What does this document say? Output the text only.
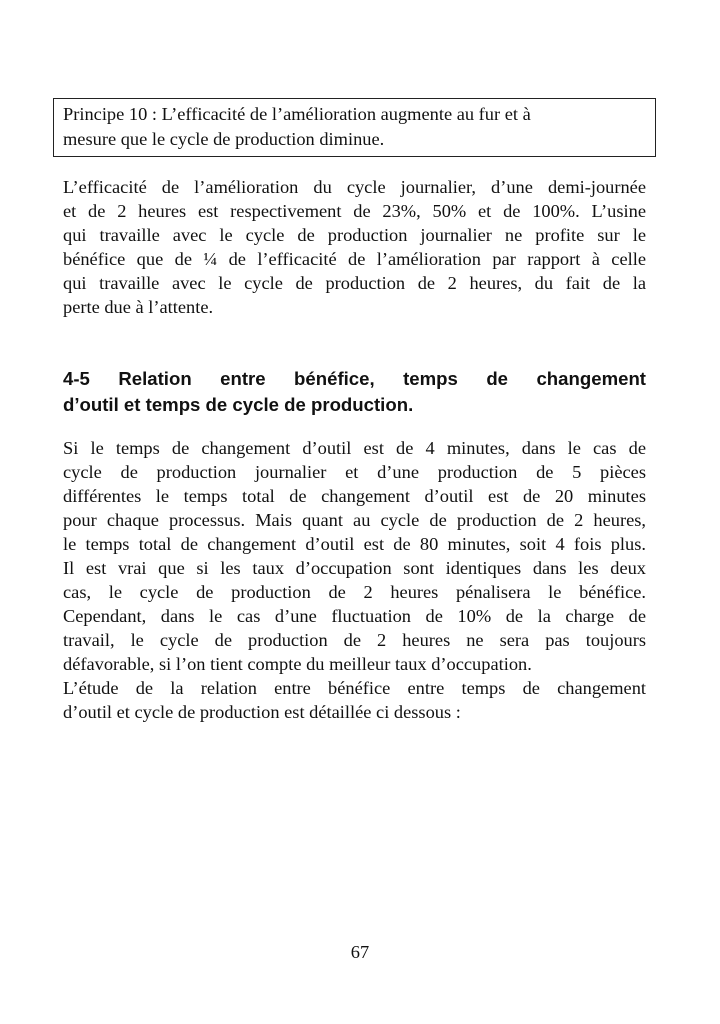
Principe 10 : L’efficacité de l’amélioration augmente au fur et à
mesure que le cycle de production diminue.
L’efficacité de l’amélioration du cycle journalier, d’une demi-journée
et de 2 heures est respectivement de 23%, 50% et de 100%. L’usine
qui travaille avec le cycle de production journalier ne profite sur le
bénéfice que de ¼ de l’efficacité de l’amélioration par rapport à celle
qui travaille avec le cycle de production de 2 heures, du fait de la
perte due à l’attente.
4-5 Relation entre bénéfice, temps de changement
d’outil et temps de cycle de production.
Si le temps de changement d’outil est de 4 minutes, dans le cas de
cycle de production journalier et d’une production de 5 pièces
différentes le temps total de changement d’outil est de 20 minutes
pour chaque processus. Mais quant au cycle de production de 2 heures,
le temps total de changement d’outil est de 80 minutes, soit 4 fois plus.
Il est vrai que si les taux d’occupation sont identiques dans les deux
cas, le cycle de production de 2 heures pénalisera le bénéfice.
Cependant, dans le cas d’une fluctuation de 10% de la charge de
travail, le cycle de production de 2 heures ne sera pas toujours
défavorable, si l’on tient compte du meilleur taux d’occupation.
L’étude de la relation entre bénéfice entre temps de changement
d’outil et cycle de production est détaillée ci dessous :
67
